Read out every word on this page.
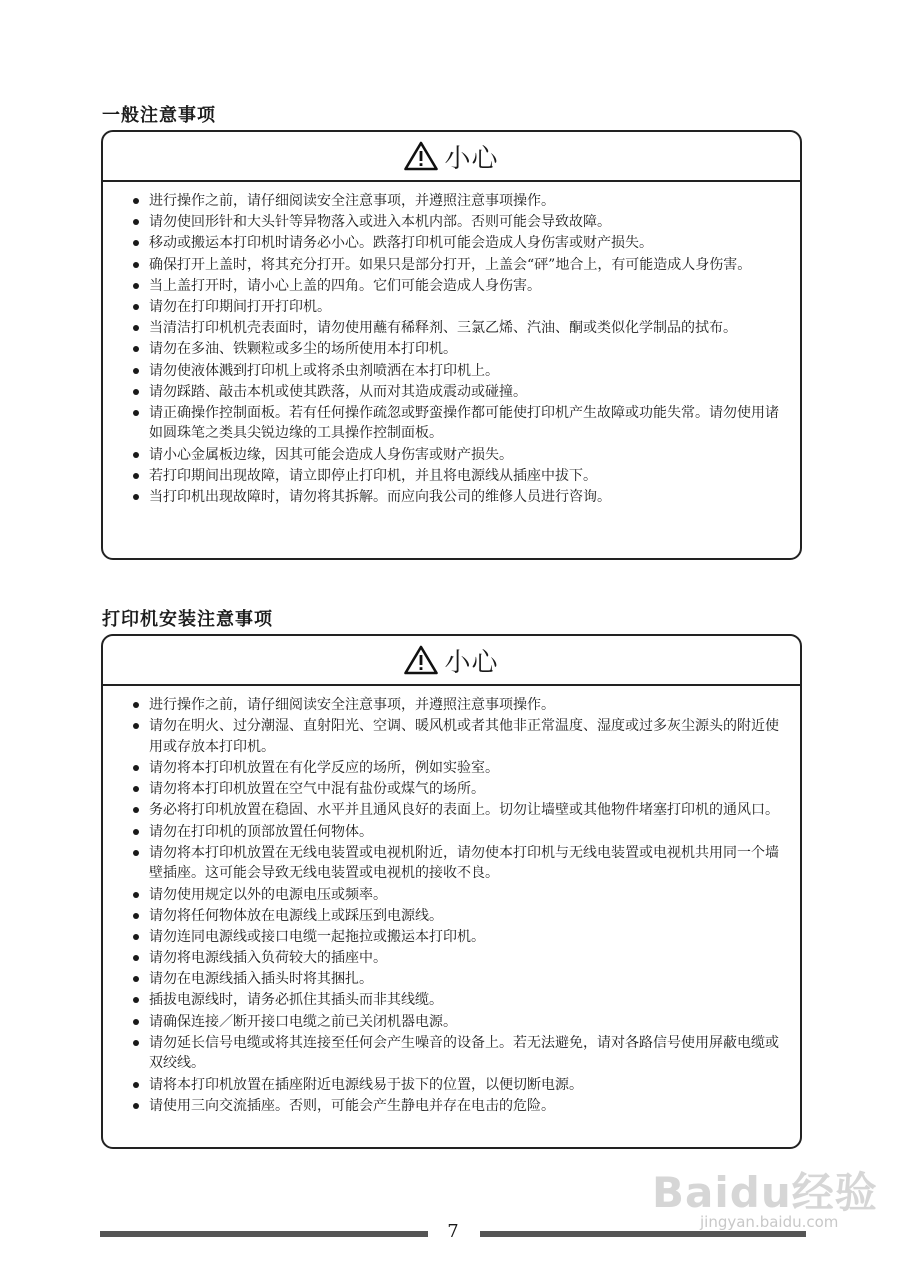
一般注意事项
小心
进行操作之前，请仔细阅读安全注意事项，并遵照注意事项操作。
请勿使回形针和大头针等异物落入或进入本机内部。否则可能会导致故障。
移动或搬运本打印机时请务必小心。跌落打印机可能会造成人身伤害或财产损失。
确保打开上盖时，将其充分打开。如果只是部分打开，上盖会“砰”地合上，有可能造成人身伤害。
当上盖打开时，请小心上盖的四角。它们可能会造成人身伤害。
请勿在打印期间打开打印机。
当清洁打印机机壳表面时，请勿使用蘸有稀释剂、三氯乙烯、汽油、酮或类似化学制品的拭布。
请勿在多油、铁颗粒或多尘的场所使用本打印机。
请勿使液体溅到打印机上或将杀虫剂喷洒在本打印机上。
请勿踩踏、敲击本机或使其跌落，从而对其造成震动或碰撞。
请正确操作控制面板。若有任何操作疏忽或野蛮操作都可能使打印机产生故障或功能失常。请勿使用诸如圆珠笔之类具尖锐边缘的工具操作控制面板。
请小心金属板边缘，因其可能会造成人身伤害或财产损失。
若打印期间出现故障，请立即停止打印机，并且将电源线从插座中拔下。
当打印机出现故障时，请勿将其拆解。而应向我公司的维修人员进行咨询。
打印机安装注意事项
小心
进行操作之前，请仔细阅读安全注意事项，并遵照注意事项操作。
请勿在明火、过分潮湿、直射阳光、空调、暖风机或者其他非正常温度、湿度或过多灰尘源头的附近使用或存放本打印机。
请勿将本打印机放置在有化学反应的场所，例如实验室。
请勿将本打印机放置在空气中混有盐份或煤气的场所。
务必将打印机放置在稳固、水平并且通风良好的表面上。切勿让墙壁或其他物件堵塞打印机的通风口。
请勿在打印机的顶部放置任何物体。
请勿将本打印机放置在无线电装置或电视机附近，请勿使本打印机与无线电装置或电视机共用同一个墙壁插座。这可能会导致无线电装置或电视机的接收不良。
请勿使用规定以外的电源电压或频率。
请勿将任何物体放在电源线上或踩压到电源线。
请勿连同电源线或接口电缆一起拖拉或搬运本打印机。
请勿将电源线插入负荷较大的插座中。
请勿在电源线插入插头时将其捆扎。
插拔电源线时，请务必抓住其插头而非其线缆。
请确保连接／断开接口电缆之前已关闭机器电源。
请勿延长信号电缆或将其连接至任何会产生噪音的设备上。若无法避免，请对各路信号使用屏蔽电缆或双绞线。
请将本打印机放置在插座附近电源线易于拔下的位置，以便切断电源。
请使用三向交流插座。否则，可能会产生静电并存在电击的危险。
7
Baidu经验
jingyan.baidu.com
